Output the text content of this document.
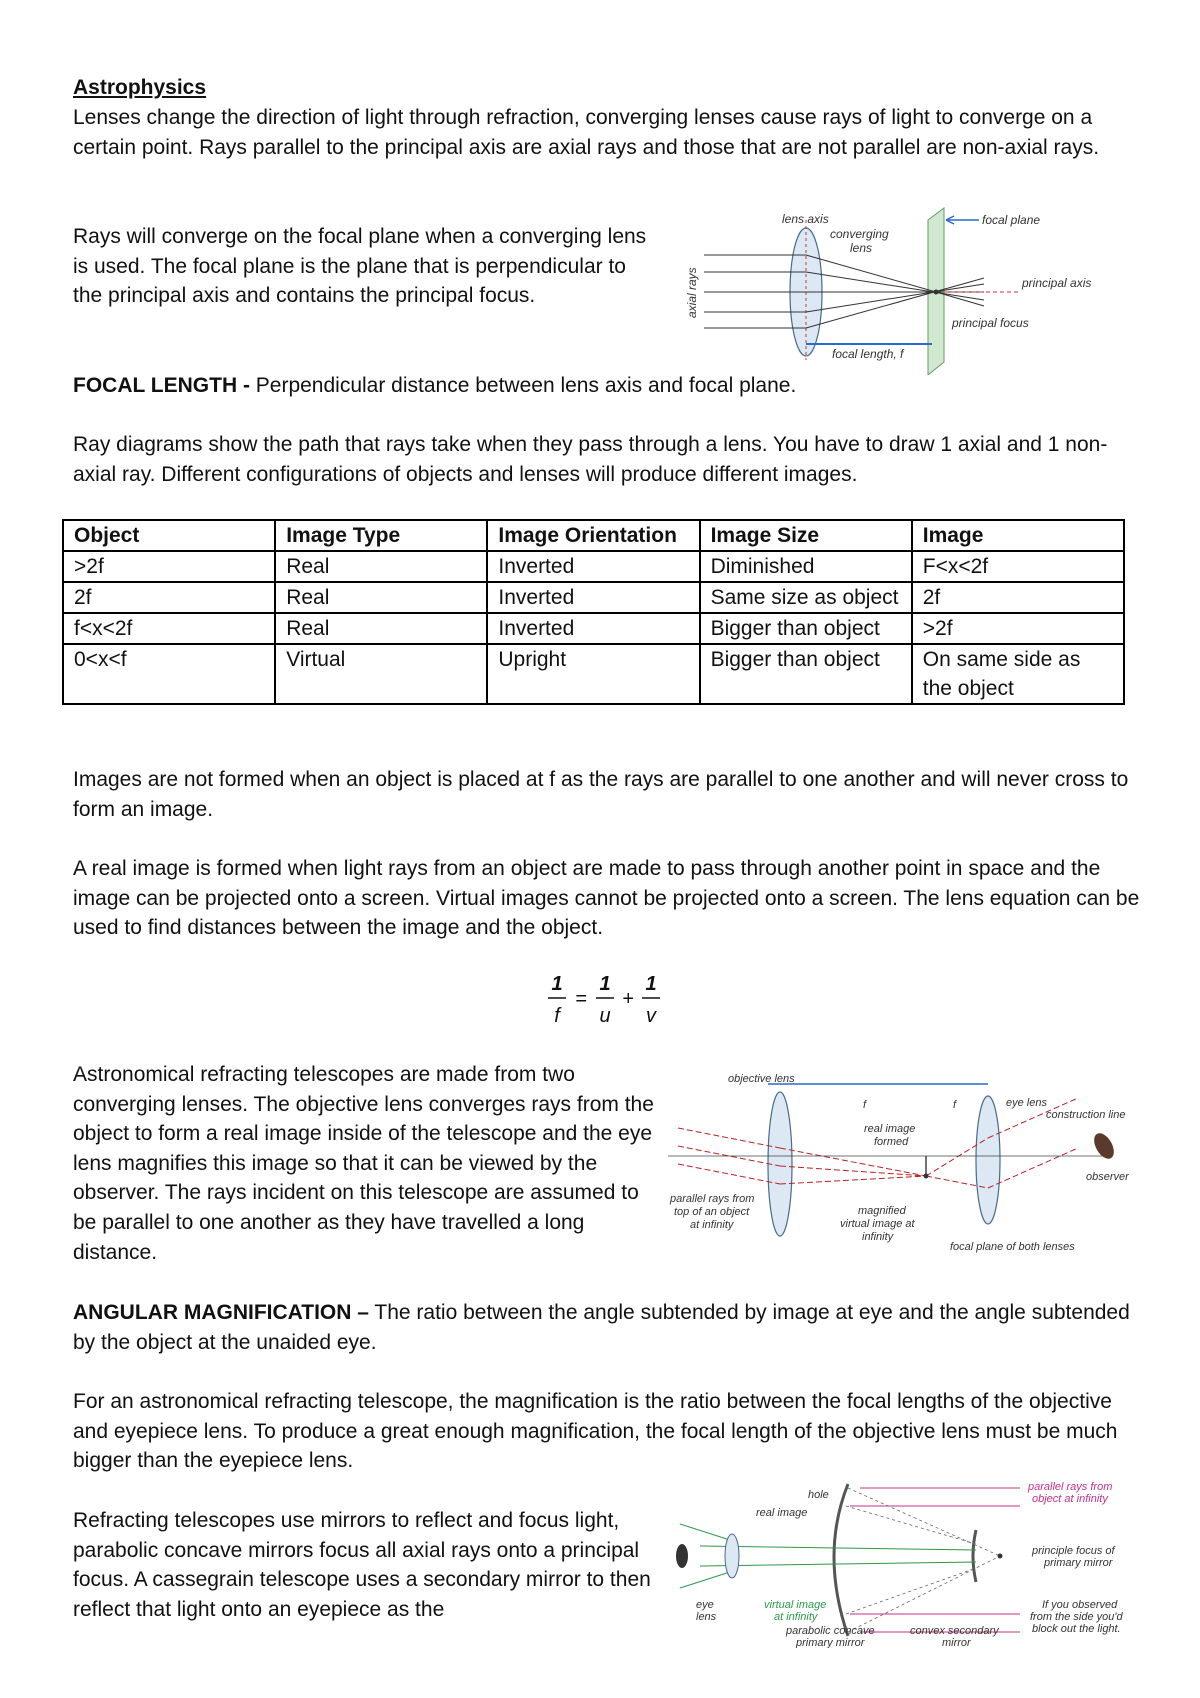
Astrophysics

Lenses change the direction of light through refraction, converging lenses cause rays of light to converge on a certain point. Rays parallel to the principal axis are axial rays and those that are not parallel are non-axial rays.

Rays will converge on the focal plane when a converging lens is used. The focal plane is the plane that is perpendicular to the principal axis and contains the principal focus.

FOCAL LENGTH - Perpendicular distance between lens axis and focal plane.

Ray diagrams show the path that rays take when they pass through a lens. You have to draw 1 axial and 1 non-axial ray. Different configurations of objects and lenses will produce different images.

Object	Image Type	Image Orientation	Image Size	Image
>2f	Real	Inverted	Diminished	F<x<2f
2f	Real	Inverted	Same size as object	2f
f<x<2f	Real	Inverted	Bigger than object	>2f
0<x<f	Virtual	Upright	Bigger than object	On same side as the object

Images are not formed when an object is placed at f as the rays are parallel to one another and will never cross to form an image.

A real image is formed when light rays from an object are made to pass through another point in space and the image can be projected onto a screen. Virtual images cannot be projected onto a screen. The lens equation can be used to find distances between the image and the object.

1
f
=
1
u
+
1
v

Astronomical refracting telescopes are made from two converging lenses. The objective lens converges rays from the object to form a real image inside of the telescope and the eye lens magnifies this image so that it can be viewed by the observer. The rays incident on this telescope are assumed to be parallel to one another as they have travelled a long distance.

ANGULAR MAGNIFICATION – The ratio between the angle subtended by image at eye and the angle subtended by the object at the unaided eye.

For an astronomical refracting telescope, the magnification is the ratio between the focal lengths of the objective and eyepiece lens. To produce a great enough magnification, the focal length of the objective lens must be much bigger than the eyepiece lens.

Refracting telescopes use mirrors to reflect and focus light, parabolic concave mirrors focus all axial rays onto a principal focus. A cassegrain telescope uses a secondary mirror to then reflect that light onto an eyepiece as the

lens axis
converging
lens
axial rays
focal plane
principal axis
principal focus
focal length, f
objective lens
eye lens
f	f
real image
formed
construction line
observer
parallel rays from
top of an object
at infinity
magnified
virtual image at
infinity
focal plane of both lenses
hole
real image
eye
lens
virtual image
at infinity
parabolic concave
primary mirror
convex secondary
mirror
parallel rays from
object at infinity
principle focus of
primary mirror
If you observed
from the side you'd
block out the light.
